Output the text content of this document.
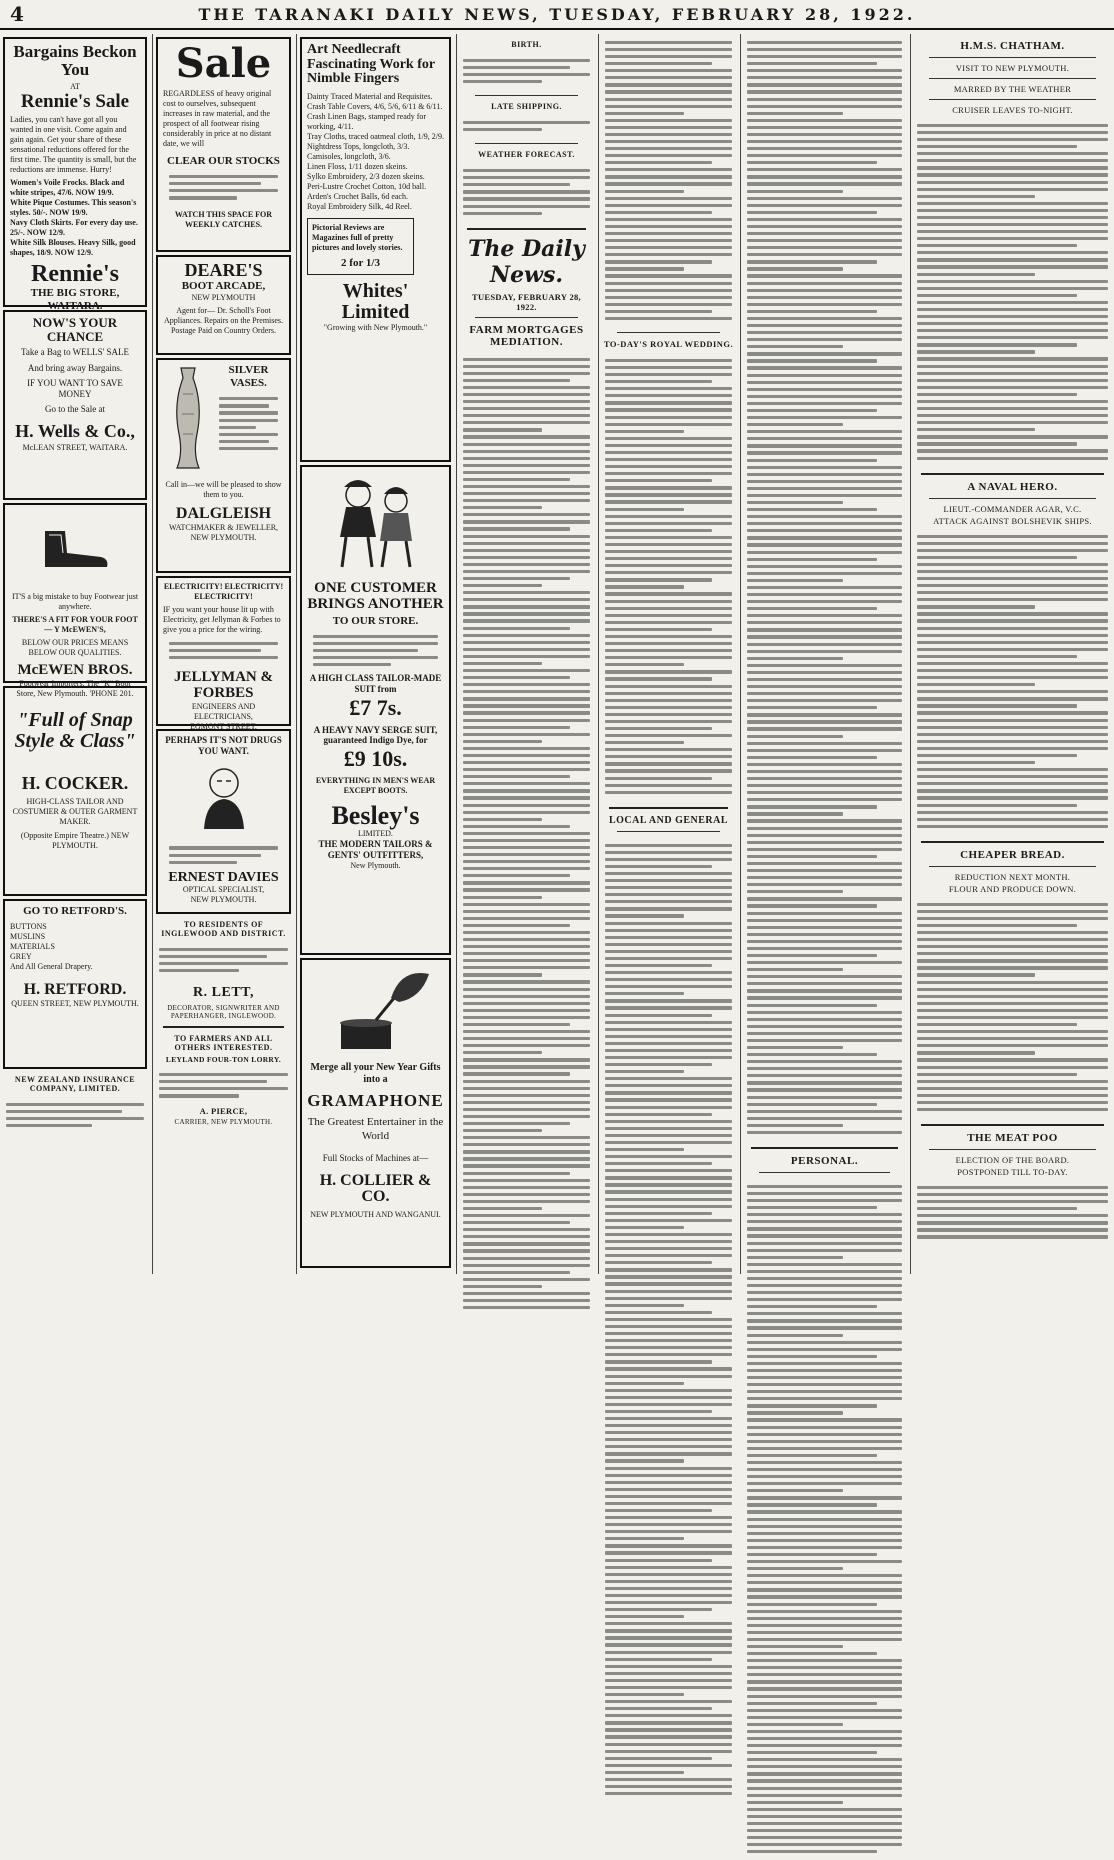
4	THE TARANAKI DAILY NEWS, TUESDAY, FEBRUARY 28, 1922.
Bargains Beckon You
AT
Rennie's Sale
Ladies, you can't have got all you wanted in one visit. Come again and gain again. Get your share of these sensational reductions offered for the first time. The quantity is small, but the reductions are immense. Hurry!
Women's Voile Frocks. Black and white stripes, 47/6. NOW 19/9.
White Pique Costumes. This season's styles. 50/-. NOW 19/9.
Navy Cloth Skirts. For every day use. 25/-. NOW 12/9.
White Silk Blouses. Heavy Silk, good shapes, 18/9. NOW 12/9.
Rennie's
THE BIG STORE,
WAITARA.
NOW'S YOUR CHANCE
Take a Bag to WELLS' SALE
And bring away Bargains.
IF YOU WANT TO SAVE MONEY
Go to the Sale at
H. Wells & Co.,
McLEAN STREET, WAITARA.
IT'S a big mistake to buy Footwear just anywhere.
THERE'S A FIT FOR YOUR FOOT — Y McEWEN'S,
BELOW OUR PRICES MEANS BELOW OUR QUALITIES.
McEWEN BROS.
Footwear Importers, The "K" Boot Store, New Plymouth. 'PHONE 201.
"Full of Snap Style & Class"
H. COCKER.
HIGH-CLASS TAILOR AND COSTUMIER & OUTER GARMENT MAKER.
(Opposite Empire Theatre.) NEW PLYMOUTH.
GO TO RETFORD'S.
BUTTONS
MUSLINS
MATERIALS
GREY
And All General Drapery.
H. RETFORD.
QUEEN STREET, NEW PLYMOUTH.
NEW ZEALAND INSURANCE COMPANY, LIMITED.
Sale
REGARDLESS of heavy original cost to ourselves, subsequent increases in raw material, and the prospect of all footwear rising considerably in price at no distant date, we will
CLEAR OUR STOCKS
WATCH THIS SPACE FOR WEEKLY CATCHES.
DEARE'S
BOOT ARCADE,
NEW PLYMOUTH
Agent for— Dr. Scholl's Foot Appliances. Repairs on the Premises. Postage Paid on Country Orders.
SILVER VASES.
Call in—we will be pleased to show them to you.
DALGLEISH
WATCHMAKER & JEWELLER,
NEW PLYMOUTH.
ELECTRICITY! ELECTRICITY! ELECTRICITY!
IF you want your house lit up with Electricity, get Jellyman & Forbes to give you a price for the wiring.
JELLYMAN & FORBES
ENGINEERS AND ELECTRICIANS,
EGMONT STREET.
PERHAPS IT'S NOT DRUGS YOU WANT.
ERNEST DAVIES
OPTICAL SPECIALIST,
NEW PLYMOUTH.
TO RESIDENTS OF INGLEWOOD AND DISTRICT.
R. LETT,
DECORATOR, SIGNWRITER AND PAPERHANGER, INGLEWOOD.
TO FARMERS AND ALL OTHERS INTERESTED.
LEYLAND FOUR-TON LORRY.
A. PIERCE,
CARRIER, NEW PLYMOUTH.
Art Needlecraft Fascinating Work for Nimble Fingers
Dainty Traced Material and Requisites.
Crash Table Covers, 4/6, 5/6, 6/11 & 6/11.
Crash Linen Bags, stamped ready for working, 4/11.
Tray Cloths, traced oatmeal cloth, 1/9, 2/9.
Nightdress Tops, longcloth, 3/3.
Camisoles, longcloth, 3/6.
Linen Floss, 1/11 dozen skeins.
Sylko Embroidery, 2/3 dozen skeins.
Peri-Lustre Crochet Cotton, 10d ball.
Arden's Crochet Balls, 6d each.
Royal Embroidery Silk, 4d Reel.
Pictorial Reviews are Magazines full of pretty pictures and lovely stories.
2 for 1/3
Whites' Limited
"Growing with New Plymouth."
ONE CUSTOMER BRINGS ANOTHER
TO OUR STORE.
A HIGH CLASS TAILOR-MADE SUIT from
£7 7s.
A HEAVY NAVY SERGE SUIT, guaranteed Indigo Dye, for
£9 10s.
EVERYTHING IN MEN'S WEAR EXCEPT BOOTS.
Besley's
LIMITED.
THE MODERN TAILORS & GENTS' OUTFITTERS,
New Plymouth.
Merge all your New Year Gifts into a
GRAMAPHONE
The Greatest Entertainer in the World
Full Stocks of Machines at—
H. COLLIER & CO.
NEW PLYMOUTH AND WANGANUI.
BIRTH.
LATE SHIPPING.
WEATHER FORECAST.
The Daily News.
TUESDAY, FEBRUARY 28, 1922.
FARM MORTGAGES MEDIATION.	TO-DAY'S ROYAL WEDDING.
LOCAL AND GENERAL
PERSONAL.
H.M.S. CHATHAM.
VISIT TO NEW PLYMOUTH.
MARRED BY THE WEATHER
CRUISER LEAVES TO-NIGHT.
A NAVAL HERO.
LIEUT.-COMMANDER AGAR, V.C.
ATTACK AGAINST BOLSHEVIK SHIPS.
CHEAPER BREAD.
REDUCTION NEXT MONTH.
FLOUR AND PRODUCE DOWN.
THE MEAT POO
ELECTION OF THE BOARD.
POSTPONED TILL TO-DAY.
